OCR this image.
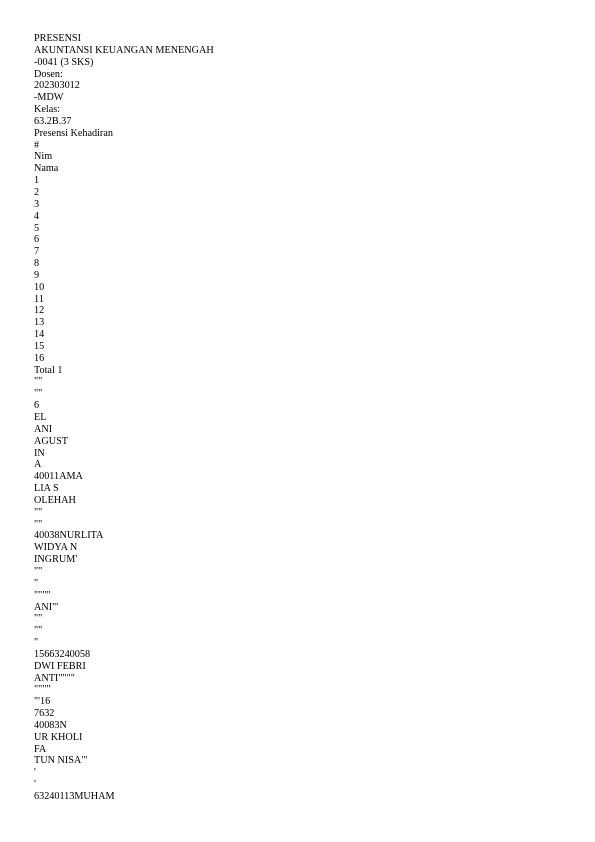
PRESENSI
AKUNTANSI KEUANGAN MENENGAH
-0041 (3 SKS)
Dosen:
202303012
-MDW
Kelas:
63.2B.37
Presensi Kehadiran
#
Nim
Nama
1
2
3
4
5
6
7
8
9
10
11
12
13
14
15
16
Total 1
""
""
6
EL
ANI
AGUST
IN
A
40011AMA
LIA S
OLEHAH
""
""
40038NURLITA
WIDYA N
INGRUM'
""
"
""""
ANI"'
""
""
"
15663240058
DWI FEBRI
ANTI""""
""""
"'16
7632
40083N
UR KHOLI
FA
TUN NISA"'
'
'
63240113MUHAM
